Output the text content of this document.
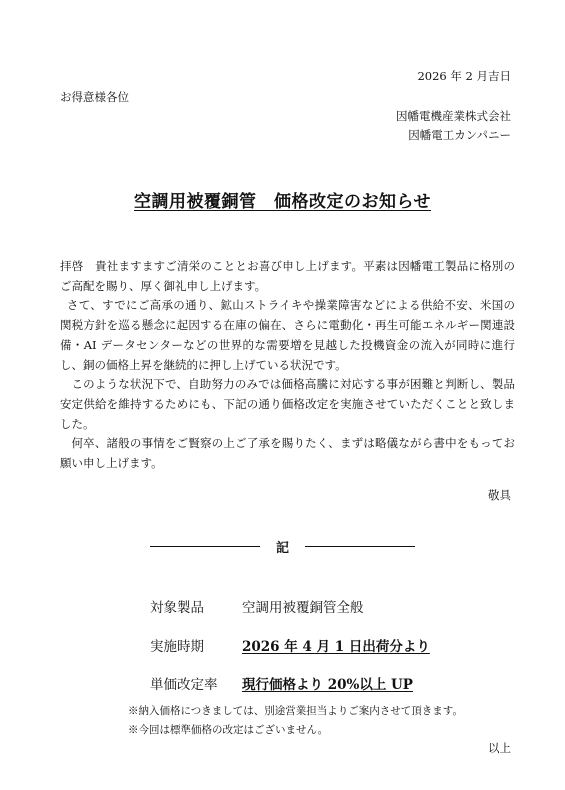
2026 年 2 月吉日
お得意様各位
因幡電機産業株式会社
因幡電工カンパニー
空調用被覆銅管　価格改定のお知らせ

拝啓　貴社ますますご清栄のこととお喜び申し上げます。平素は因幡電工製品に格別のご高配を賜り、厚く御礼申し上げます。

さて、すでにご高承の通り、鉱山ストライキや操業障害などによる供給不安、米国の関税方針を巡る懸念に起因する在庫の偏在、さらに電動化・再生可能エネルギー関連設備・AI データセンターなどの世界的な需要増を見越した投機資金の流入が同時に進行し、銅の価格上昇を継続的に押し上げている状況です。

このような状況下で、自助努力のみでは価格高騰に対応する事が困難と判断し、製品安定供給を維持するためにも、下記の通り価格改定を実施させていただくことと致しました。

何卒、諸般の事情をご賢察の上ご了承を賜りたく、まずは略儀ながら書中をもってお願い申し上げます。

敬具
記
対象製品	空調用被覆銅管全般
実施時期	2026 年 4 月 1 日出荷分より
単価改定率 現行価格より 20%以上 UP
※納入価格につきましては、別途営業担当よりご案内させて頂きます。
※今回は標準価格の改定はございません。
以上
